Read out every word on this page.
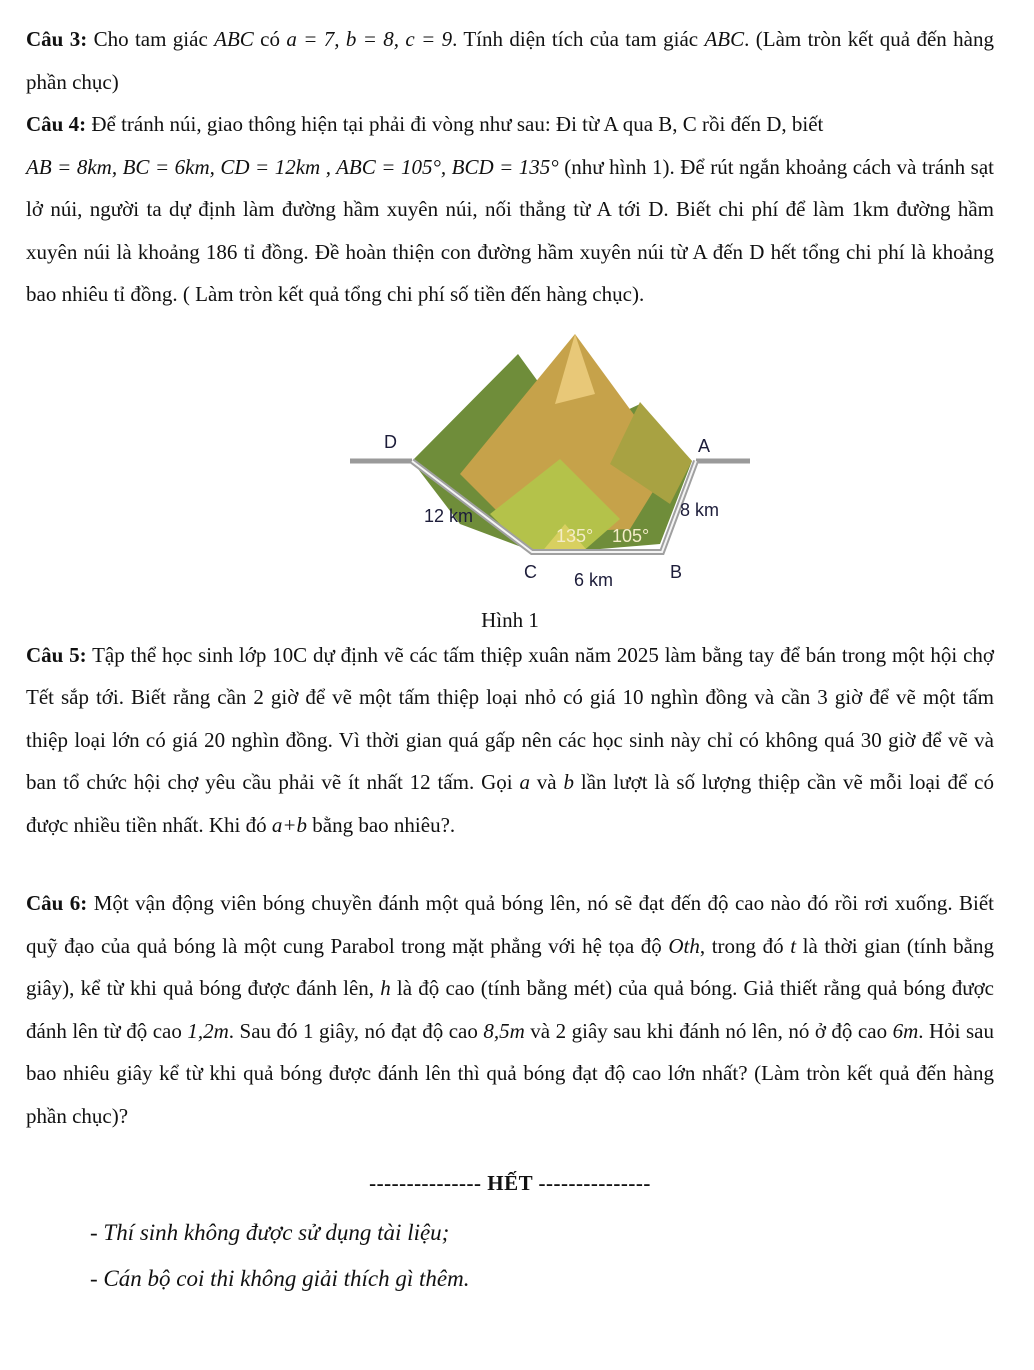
Câu 3: Cho tam giác ABC có a = 7, b = 8, c = 9. Tính diện tích của tam giác ABC. (Làm tròn kết quả đến hàng phần chục)

Câu 4: Để tránh núi, giao thông hiện tại phải đi vòng như sau: Đi từ A qua B, C rồi đến D, biết
AB = 8km, BC = 6km, CD = 12km , ABC = 105°, BCD = 135° (như hình 1). Để rút ngắn khoảng cách và tránh sạt lở núi, người ta dự định làm đường hầm xuyên núi, nối thẳng từ A tới D. Biết chi phí để làm 1km đường hầm xuyên núi là khoảng 186 tỉ đồng. Đề hoàn thiện con đường hầm xuyên núi từ A đến D hết tổng chi phí là khoảng bao nhiêu tỉ đồng. ( Làm tròn kết quả tổng chi phí số tiền đến hàng chục).

D	A
12 km	8 km
135° 105°
C 6 km	B
Hình 1

Câu 5: Tập thể học sinh lớp 10C dự định vẽ các tấm thiệp xuân năm 2025 làm bằng tay để bán trong một hội chợ Tết sắp tới. Biết rằng cần 2 giờ để vẽ một tấm thiệp loại nhỏ có giá 10 nghìn đồng và cần 3 giờ để vẽ một tấm thiệp loại lớn có giá 20 nghìn đồng. Vì thời gian quá gấp nên các học sinh này chỉ có không quá 30 giờ để vẽ và ban tổ chức hội chợ yêu cầu phải vẽ ít nhất 12 tấm. Gọi a và b lần lượt là số lượng thiệp cần vẽ mỗi loại để có được nhiều tiền nhất. Khi đó a+b bằng bao nhiêu?.

Câu 6: Một vận động viên bóng chuyền đánh một quả bóng lên, nó sẽ đạt đến độ cao nào đó rồi rơi xuống. Biết quỹ đạo của quả bóng là một cung Parabol trong mặt phẳng với hệ tọa độ Oth, trong đó t là thời gian (tính bằng giây), kể từ khi quả bóng được đánh lên, h là độ cao (tính bằng mét) của quả bóng. Giả thiết rằng quả bóng được đánh lên từ độ cao 1,2m. Sau đó 1 giây, nó đạt độ cao 8,5m và 2 giây sau khi đánh nó lên, nó ở độ cao 6m. Hỏi sau bao nhiêu giây kể từ khi quả bóng được đánh lên thì quả bóng đạt độ cao lớn nhất? (Làm tròn kết quả đến hàng phần chục)?

--------------- HẾT ---------------
- Thí sinh không được sử dụng tài liệu;
- Cán bộ coi thi không giải thích gì thêm.
